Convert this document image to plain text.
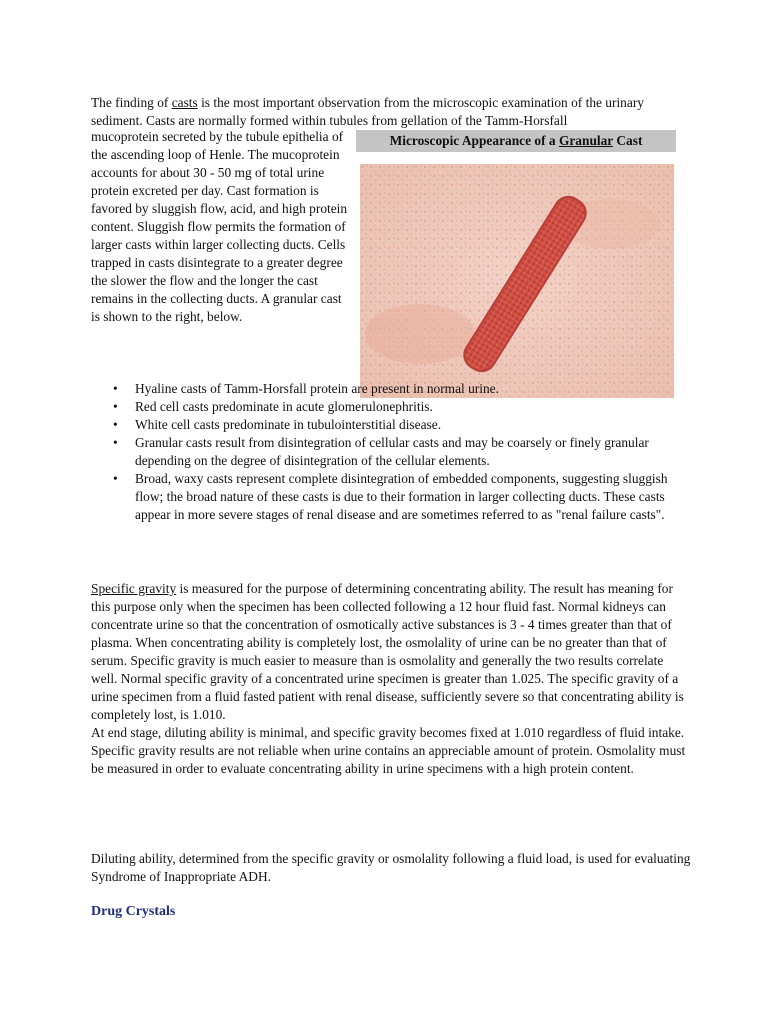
The finding of casts is the most important observation from the microscopic examination of the urinary sediment. Casts are normally formed within tubules from gellation of the Tamm-Horsfall
mucoprotein secreted by the tubule epithelia of the ascending loop of Henle. The mucoprotein accounts for about 30 - 50 mg of total urine protein excreted per day. Cast formation is favored by sluggish flow, acid, and high protein content. Sluggish flow permits the formation of larger casts within larger collecting ducts. Cells trapped in casts disintegrate to a greater degree the slower the flow and the longer the cast remains in the collecting ducts. A granular cast is shown to the right, below.
Microscopic Appearance of a Granular Cast
• Hyaline casts of Tamm-Horsfall protein are present in normal urine.
• Red cell casts predominate in acute glomerulonephritis.
• White cell casts predominate in tubulointerstitial disease.
• Granular casts result from disintegration of cellular casts and may be coarsely or finely granular depending on the degree of disintegration of the cellular elements.
• Broad, waxy casts represent complete disintegration of embedded components, suggesting sluggish flow; the broad nature of these casts is due to their formation in larger collecting ducts. These casts appear in more severe stages of renal disease and are sometimes referred to as "renal failure casts".
Specific gravity is measured for the purpose of determining concentrating ability. The result has meaning for this purpose only when the specimen has been collected following a 12 hour fluid fast. Normal kidneys can concentrate urine so that the concentration of osmotically active substances is 3 - 4 times greater than that of plasma. When concentrating ability is completely lost, the osmolality of urine can be no greater than that of serum. Specific gravity is much easier to measure than is osmolality and generally the two results correlate well. Normal specific gravity of a concentrated urine specimen is greater than 1.025. The specific gravity of a urine specimen from a fluid fasted patient with renal disease, sufficiently severe so that concentrating ability is completely lost, is 1.010.
At end stage, diluting ability is minimal, and specific gravity becomes fixed at 1.010 regardless of fluid intake.
Specific gravity results are not reliable when urine contains an appreciable amount of protein. Osmolality must be measured in order to evaluate concentrating ability in urine specimens with a high protein content.
Diluting ability, determined from the specific gravity or osmolality following a fluid load, is used for evaluating Syndrome of Inappropriate ADH.
Drug Crystals
